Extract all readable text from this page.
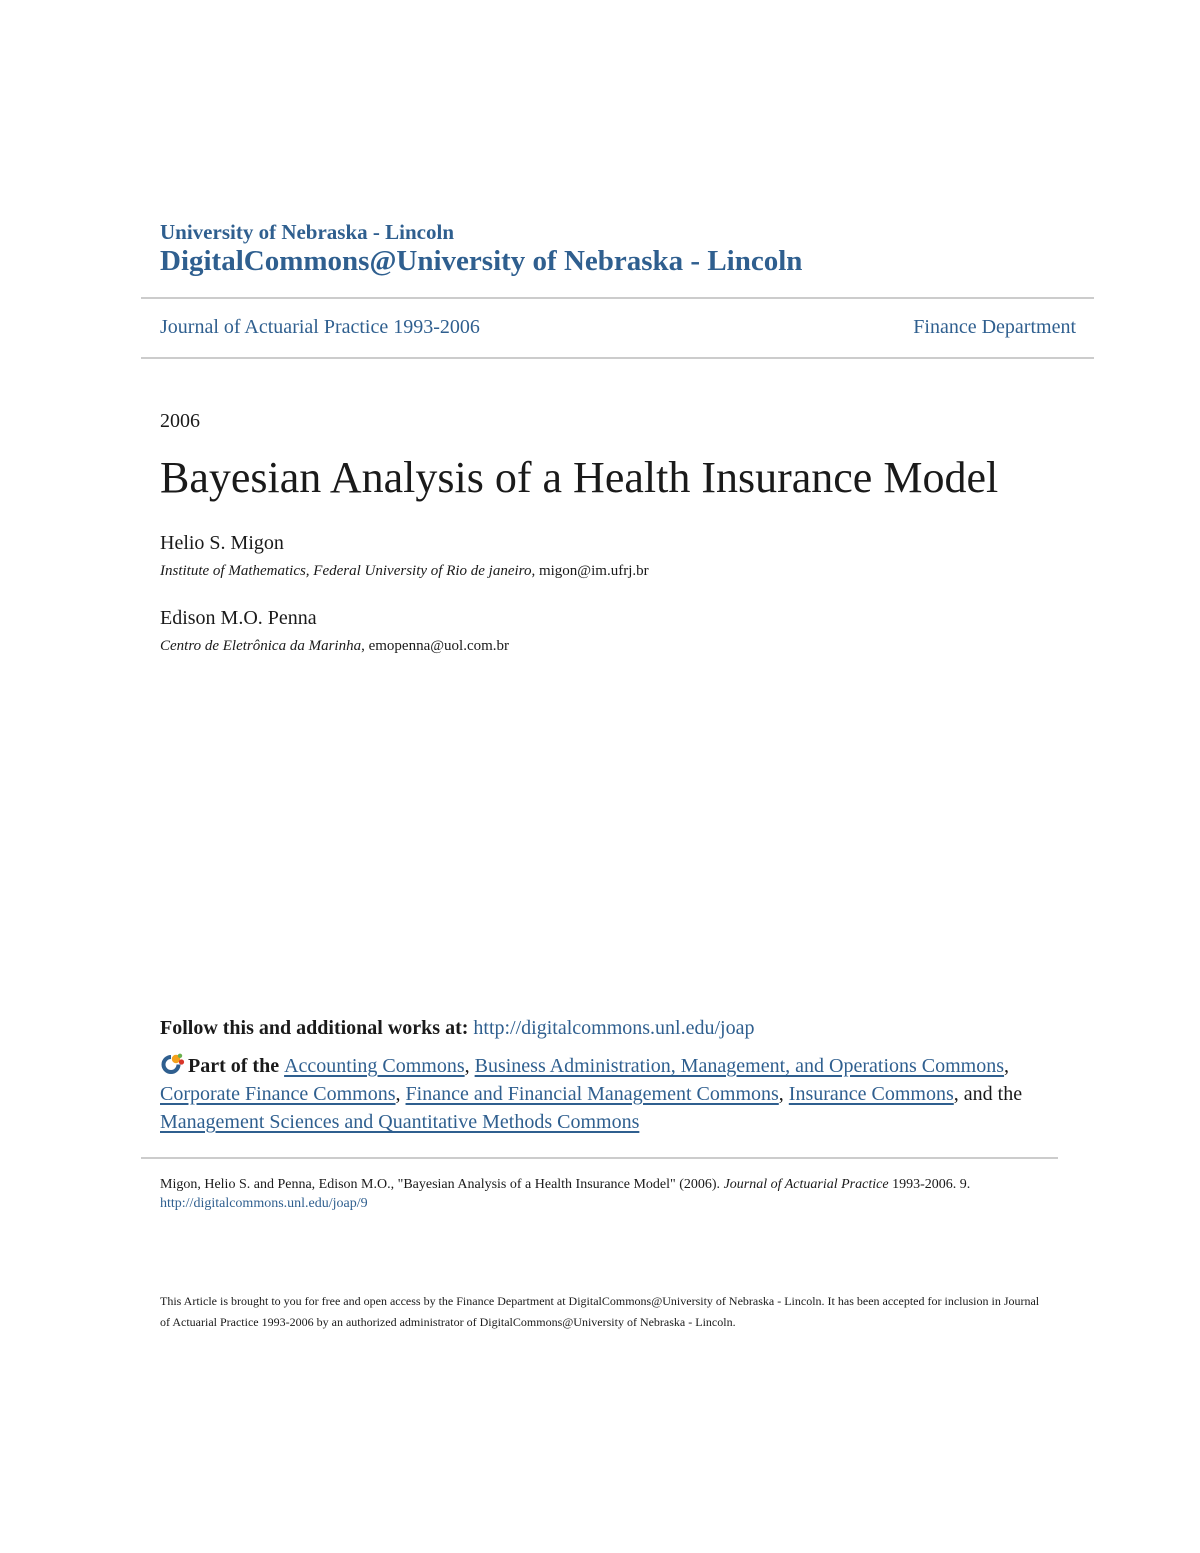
University of Nebraska - Lincoln
DigitalCommons@University of Nebraska - Lincoln
Journal of Actuarial Practice 1993-2006	Finance Department
2006
Bayesian Analysis of a Health Insurance Model
Helio S. Migon
Institute of Mathematics, Federal University of Rio de janeiro, migon@im.ufrj.br
Edison M.O. Penna
Centro de Eletrônica da Marinha, emopenna@uol.com.br
Follow this and additional works at: http://digitalcommons.unl.edu/joap
Part of the Accounting Commons, Business Administration, Management, and Operations Commons, Corporate Finance Commons, Finance and Financial Management Commons, Insurance Commons, and the Management Sciences and Quantitative Methods Commons
Migon, Helio S. and Penna, Edison M.O., "Bayesian Analysis of a Health Insurance Model" (2006). Journal of Actuarial Practice 1993-2006. 9.
http://digitalcommons.unl.edu/joap/9
This Article is brought to you for free and open access by the Finance Department at DigitalCommons@University of Nebraska - Lincoln. It has been accepted for inclusion in Journal of Actuarial Practice 1993-2006 by an authorized administrator of DigitalCommons@University of Nebraska - Lincoln.
